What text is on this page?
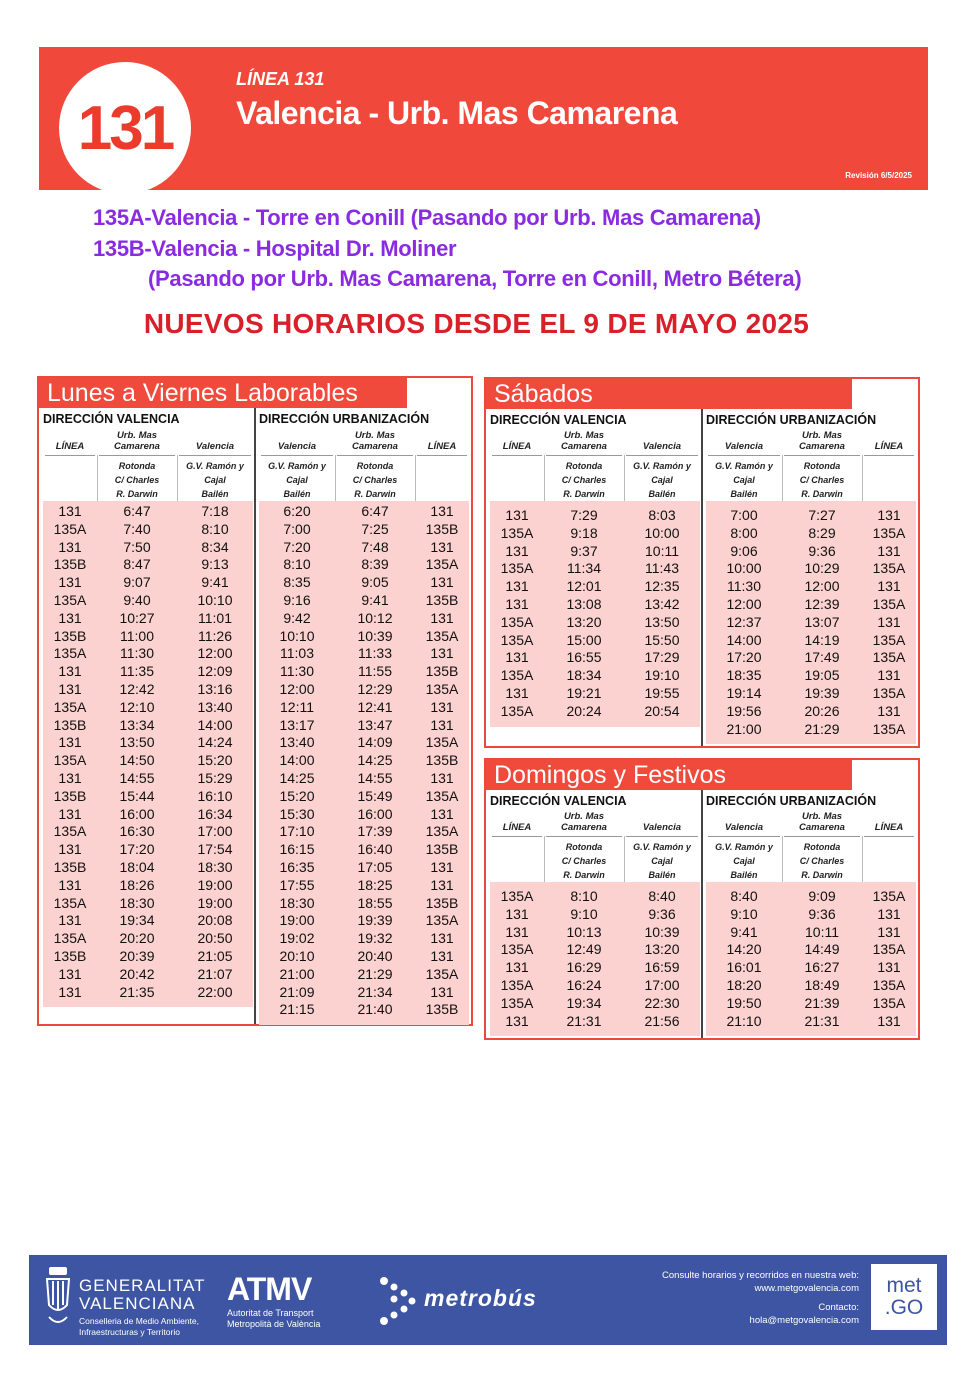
131
LÍNEA 131
Valencia - Urb. Mas Camarena
Revisión 6/5/2025
135A-Valencia - Torre en Conill (Pasando por Urb. Mas Camarena)
135B-Valencia - Hospital Dr. Moliner
(Pasando por Urb. Mas Camarena, Torre en Conill, Metro Bétera)
NUEVOS HORARIOS DESDE EL 9 DE MAYO 2025
Lunes a Viernes Laborables
DIRECCIÓN VALENCIA
LÍNEA
Urb. Mas
Camarena
Rotonda
C/ Charles
R. Darwin
Valencia
G.V. Ramón y
Cajal
Bailén
131	6:47	7:18
135A	7:40	8:10
131	7:50	8:34
135B	8:47	9:13
131	9:07	9:41
135A	9:40	10:10
131	10:27	11:01
135B	11:00	11:26
135A	11:30	12:00
131	11:35	12:09
131	12:42	13:16
135A	12:10	13:40
135B	13:34	14:00
131	13:50	14:24
135A	14:50	15:20
131	14:55	15:29
135B	15:44	16:10
131	16:00	16:34
135A	16:30	17:00
131	17:20	17:54
135B	18:04	18:30
131	18:26	19:00
135A	18:30	19:00
131	19:34	20:08
135A	20:20	20:50
135B	20:39	21:05
131	20:42	21:07
131	21:35	22:00
DIRECCIÓN URBANIZACIÓN
Valencia
G.V. Ramón y
Cajal
Bailén
Urb. Mas
Camarena
Rotonda
C/ Charles
R. Darwin
LÍNEA
6:20	6:47	131
7:00	7:25	135B
7:20	7:48	131
8:10	8:39	135A
8:35	9:05	131
9:16	9:41	135B
9:42	10:12	131
10:10	10:39	135A
11:03	11:33	131
11:30	11:55	135B
12:00	12:29	135A
12:11	12:41	131
13:17	13:47	131
13:40	14:09	135A
14:00	14:25	135B
14:25	14:55	131
15:20	15:49	135A
15:30	16:00	131
17:10	17:39	135A
16:15	16:40	135B
16:35	17:05	131
17:55	18:25	131
18:30	18:55	135B
19:00	19:39	135A
19:02	19:32	131
20:10	20:40	131
21:00	21:29	135A
21:09	21:34	131
21:15	21:40	135B
Sábados
DIRECCIÓN VALENCIA
LÍNEA
Urb. Mas
Camarena
Rotonda
C/ Charles
R. Darwin
Valencia
G.V. Ramón y
Cajal
Bailén
131	7:29	8:03
135A	9:18	10:00
131	9:37	10:11
135A	11:34	11:43
131	12:01	12:35
131	13:08	13:42
135A	13:20	13:50
135A	15:00	15:50
131	16:55	17:29
135A	18:34	19:10
131	19:21	19:55
135A	20:24	20:54
DIRECCIÓN URBANIZACIÓN
Valencia
G.V. Ramón y
Cajal
Bailén
Urb. Mas
Camarena
Rotonda
C/ Charles
R. Darwin
LÍNEA
7:00	7:27	131
8:00	8:29	135A
9:06	9:36	131
10:00	10:29	135A
11:30	12:00	131
12:00	12:39	135A
12:37	13:07	131
14:00	14:19	135A
17:20	17:49	135A
18:35	19:05	131
19:14	19:39	135A
19:56	20:26	131
21:00	21:29	135A
Domingos y Festivos
DIRECCIÓN VALENCIA
LÍNEA
Urb. Mas
Camarena
Rotonda
C/ Charles
R. Darwin
Valencia
G.V. Ramón y
Cajal
Bailén
135A	8:10	8:40
131	9:10	9:36
131	10:13	10:39
135A	12:49	13:20
131	16:29	16:59
135A	16:24	17:00
135A	19:34	22:30
131	21:31	21:56
DIRECCIÓN URBANIZACIÓN
Valencia
G.V. Ramón y
Cajal
Bailén
Urb. Mas
Camarena
Rotonda
C/ Charles
R. Darwin
LÍNEA
8:40	9:09	135A
9:10	9:36	131
9:41	10:11	131
14:20	14:49	135A
16:01	16:27	131
18:20	18:49	135A
19:50	21:39	135A
21:10	21:31	131
GENERALITAT
VALENCIANA
Conselleria de Medio Ambiente,
Infraestructuras y Territorio
ATMV
Autoritat de Transport
Metropolità de València
metrobús
Consulte horarios y recorridos en nuestra web:
www.metgovalencia.com
Contacto:
hola@metgovalencia.com
met
.GO
